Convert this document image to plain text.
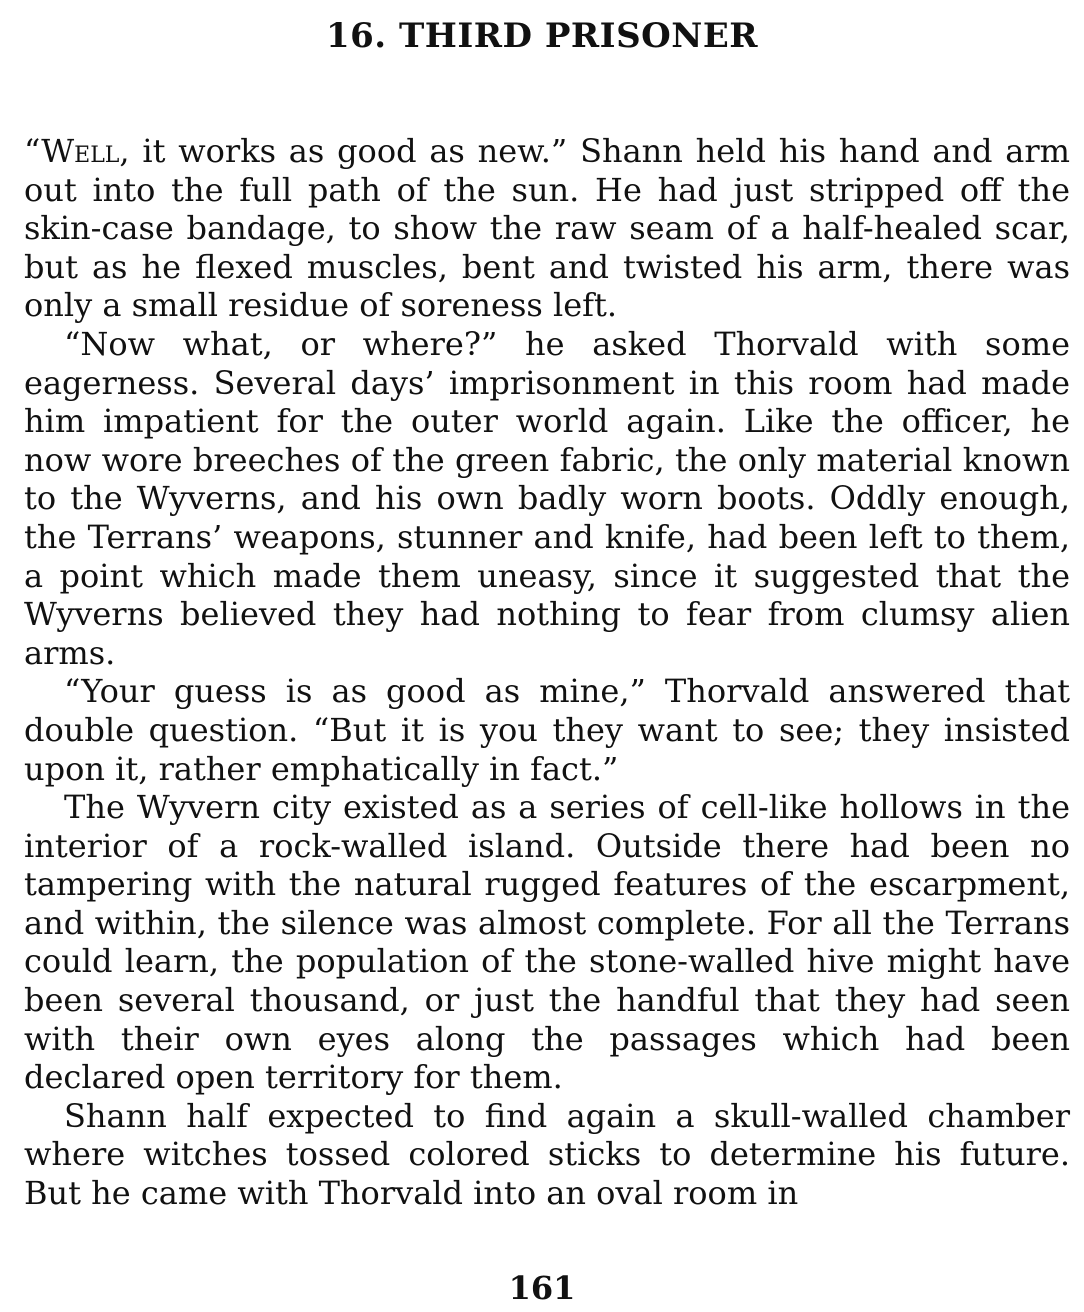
16. THIRD PRISONER

“Well, it works as good as new.” Shann held his hand and arm out into the full path of the sun. He had just stripped off the skin-case bandage, to show the raw seam of a half-healed scar, but as he flexed muscles, bent and twisted his arm, there was only a small residue of soreness left.

“Now what, or where?” he asked Thorvald with some eagerness. Several days’ imprisonment in this room had made him impatient for the outer world again. Like the officer, he now wore breeches of the green fabric, the only material known to the Wyverns, and his own badly worn boots. Oddly enough, the Terrans’ weapons, stunner and knife, had been left to them, a point which made them uneasy, since it suggested that the Wyverns believed they had nothing to fear from clumsy alien arms.

“Your guess is as good as mine,” Thorvald answered that double question. “But it is you they want to see; they insisted upon it, rather emphatically in fact.”

The Wyvern city existed as a series of cell-like hollows in the interior of a rock-walled island. Outside there had been no tampering with the natural rugged features of the escarpment, and within, the silence was almost complete. For all the Terrans could learn, the population of the stone-walled hive might have been several thousand, or just the handful that they had seen with their own eyes along the passages which had been declared open territory for them.

Shann half expected to find again a skull-walled chamber where witches tossed colored sticks to determine his future. But he came with Thorvald into an oval room in

161
